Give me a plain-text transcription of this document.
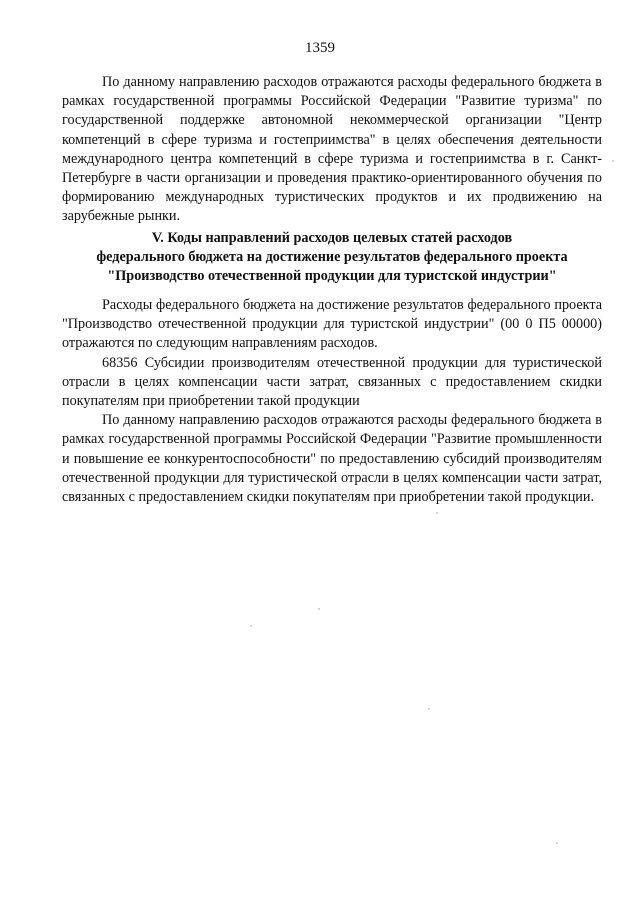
1359

По данному направлению расходов отражаются расходы федерального бюджета в рамках государственной программы Российской Федерации "Развитие туризма" по государственной поддержке автономной некоммерческой организации "Центр компетенций в сфере туризма и гостеприимства" в целях обеспечения деятельности международного центра компетенций в сфере туризма и гостеприимства в г. Санкт-Петербурге в части организации и проведения практико-ориентированного обучения по формированию международных туристических продуктов и их продвижению на зарубежные рынки.

V. Коды направлений расходов целевых статей расходов
федерального бюджета на достижение результатов федерального проекта
"Производство отечественной продукции для туристской индустрии"

Расходы федерального бюджета на достижение результатов федерального проекта "Производство отечественной продукции для туристской индустрии" (00 0 П5 00000) отражаются по следующим направлениям расходов.

68356 Субсидии производителям отечественной продукции для туристической отрасли в целях компенсации части затрат, связанных с предоставлением скидки покупателям при приобретении такой продукции

По данному направлению расходов отражаются расходы федерального бюджета в рамках государственной программы Российской Федерации "Развитие промышленности и повышение ее конкурентоспособности" по предоставлению субсидий производителям отечественной продукции для туристической отрасли в целях компенсации части затрат, связанных с предоставлением скидки покупателям при приобретении такой продукции.
